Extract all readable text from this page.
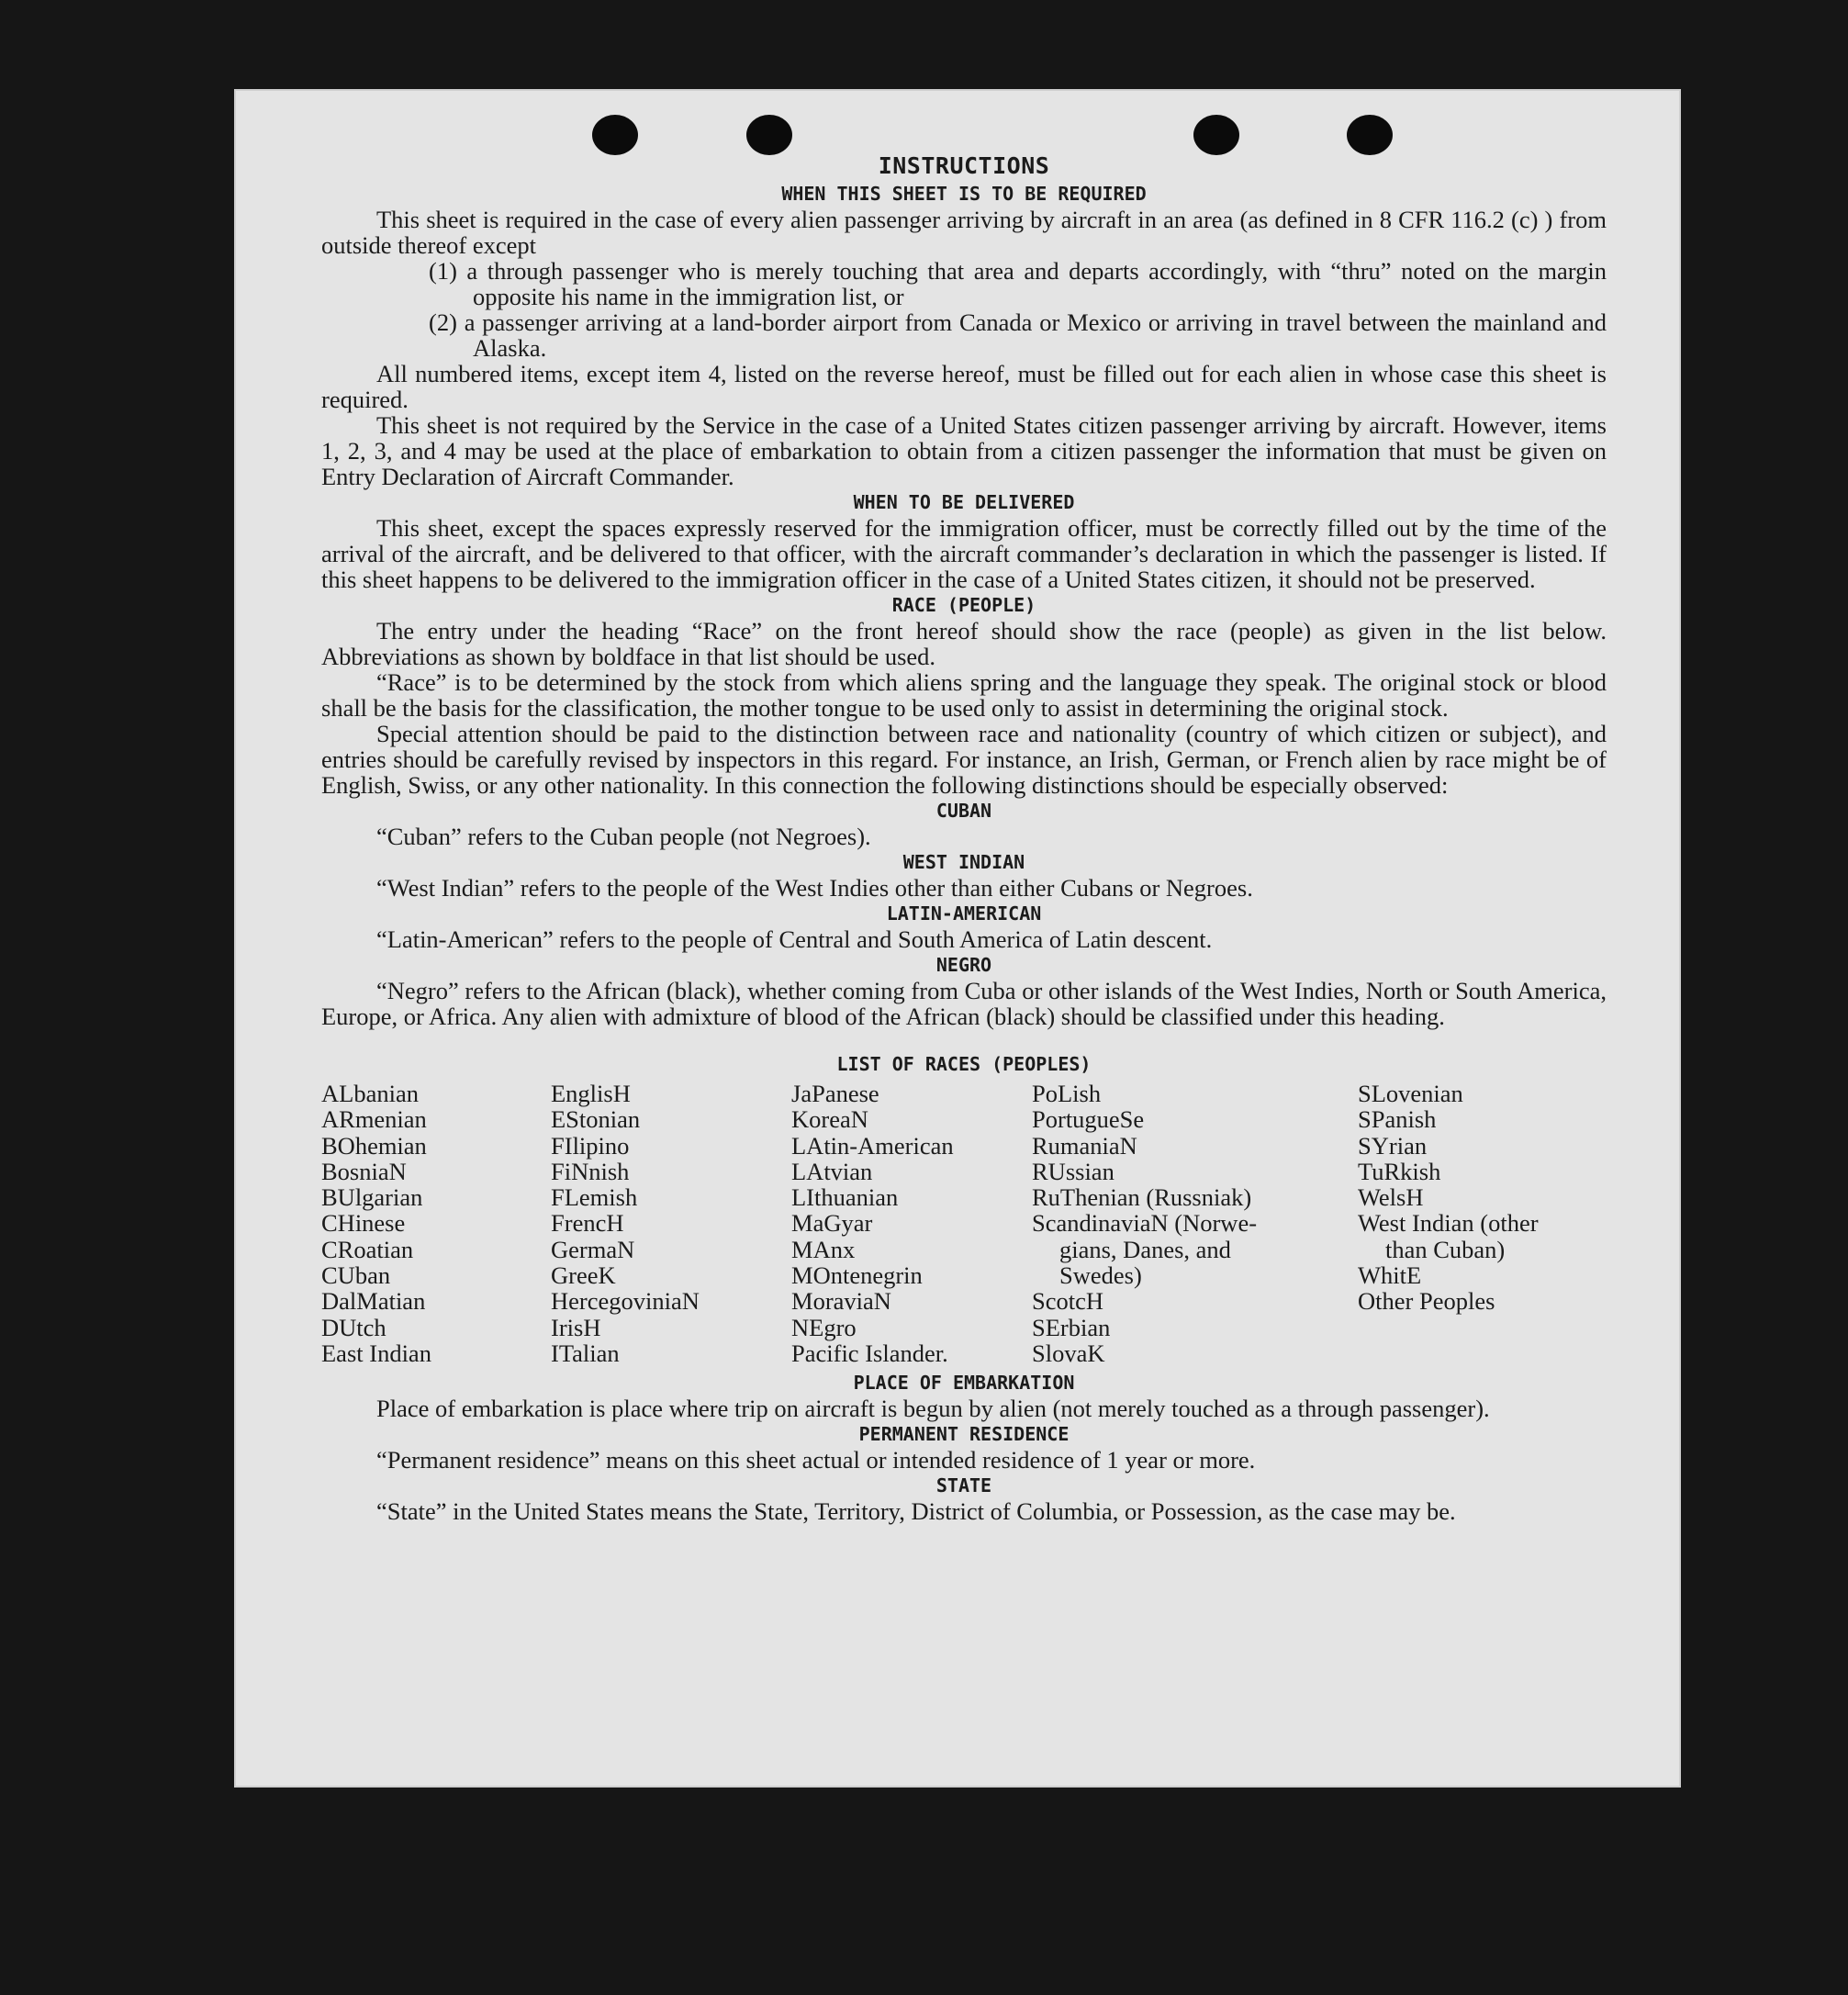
INSTRUCTIONS
WHEN THIS SHEET IS TO BE REQUIRED

This sheet is required in the case of every alien passenger arriving by aircraft in an area (as defined in 8 CFR 116.2 (c) ) from outside thereof except

(1) a through passenger who is merely touching that area and departs accordingly, with “thru” noted on the margin opposite his name in the immigration list, or

(2) a passenger arriving at a land-border airport from Canada or Mexico or arriving in travel between the mainland and Alaska.

All numbered items, except item 4, listed on the reverse hereof, must be filled out for each alien in whose case this sheet is required.

This sheet is not required by the Service in the case of a United States citizen passenger arriving by aircraft. However, items 1, 2, 3, and 4 may be used at the place of embarkation to obtain from a citizen passenger the information that must be given on Entry Declaration of Aircraft Commander.

WHEN TO BE DELIVERED

This sheet, except the spaces expressly reserved for the immigration officer, must be correctly filled out by the time of the arrival of the aircraft, and be delivered to that officer, with the aircraft commander’s declaration in which the passenger is listed. If this sheet happens to be delivered to the immigration officer in the case of a United States citizen, it should not be preserved.

RACE (PEOPLE)

The entry under the heading “Race” on the front hereof should show the race (people) as given in the list below. Abbreviations as shown by boldface in that list should be used.

“Race” is to be determined by the stock from which aliens spring and the language they speak. The original stock or blood shall be the basis for the classification, the mother tongue to be used only to assist in determining the original stock.

Special attention should be paid to the distinction between race and nationality (country of which citizen or subject), and entries should be carefully revised by inspectors in this regard. For instance, an Irish, German, or French alien by race might be of English, Swiss, or any other nationality. In this connection the following distinctions should be especially observed:

CUBAN

“Cuban” refers to the Cuban people (not Negroes).

WEST INDIAN

“West Indian” refers to the people of the West Indies other than either Cubans or Negroes.

LATIN-AMERICAN

“Latin-American” refers to the people of Central and South America of Latin descent.

NEGRO

“Negro” refers to the African (black), whether coming from Cuba or other islands of the West Indies, North or South America, Europe, or Africa. Any alien with admixture of blood of the African (black) should be classified under this heading.

LIST OF RACES (PEOPLES)
ALbanian
ARmenian
BOhemian
BosniaN
BUlgarian
CHinese
CRoatian
CUban
DalMatian
DUtch
East Indian
EnglisH
EStonian
FIlipino
FiNnish
FLemish
FrencH
GermaN
GreeK
HercegoviniaN
IrisH
ITalian
JaPanese
KoreaN
LAtin-American
LAtvian
LIthuanian
MaGyar
MAnx
MOntenegrin
MoraviaN
NEgro
Pacific Islander.
PoLish
PortugueSe
RumaniaN
RUssian
RuThenian (Russniak)
ScandinaviaN (Norwe-
gians, Danes, and
Swedes)
ScotcH
SErbian
SlovaK
SLovenian
SPanish
SYrian
TuRkish
WelsH
West Indian (other
than Cuban)
WhitE
Other Peoples
PLACE OF EMBARKATION

Place of embarkation is place where trip on aircraft is begun by alien (not merely touched as a through passenger).

PERMANENT RESIDENCE

“Permanent residence” means on this sheet actual or intended residence of 1 year or more.

STATE

“State” in the United States means the State, Territory, District of Columbia, or Possession, as the case may be.
